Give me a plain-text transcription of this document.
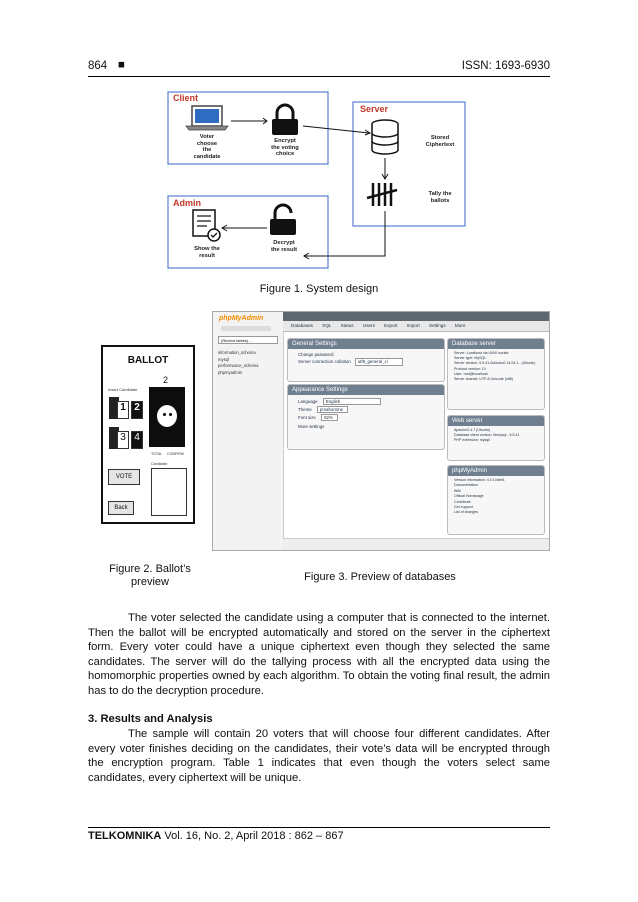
864 ■	ISSN: 1693-6930
Client
Server
Admin
Voter
choose
the
candidate
Encrypt
the voting
choice
Stored
Ciphertext
Tally the
ballots
Show the
result
Decrypt
the result
Figure 1. System design
BALLOT
2
Insert Candidate
1 2
3 4
TOTAL CONFIRM
Candidate
VOTE
Back
Figure 2. Ballot’s
preview
phpMyAdmin
(Recent tables) ...
information_schema
mysql
performance_schema
phpmyadmin
Databases SQL Status Users Export Import Settings More
General Settings
Change password
Server connection collation	utf8_general_ci
Appearance Settings
Language English
Theme pmahomme
Font size 82%
More settings
Database server
Server: Localhost via UNIX socket
Server type: MySQL
Server version: 5.5.41-0ubuntu0.14.04.1 - (Ubuntu)
Protocol version: 10
User: root@localhost
Server charset: UTF-8 Unicode (utf8)
Web server
Apache/2.4.7 (Ubuntu)
Database client version: libmysql - 5.5.41
PHP extension: mysqli
phpMyAdmin
Version information: 4.0.10deb1
Documentation
Wiki
Official Homepage
Contribute
Get support
List of changes
Figure 3. Preview of databases
The voter selected the candidate using a computer that is connected to the internet. Then the ballot will be encrypted automatically and stored on the server in the ciphertext form. Every voter could have a unique ciphertext even though they selected the same candidates. The server will do the tallying process with all the encrypted data using the homomorphic properties owned by each algorithm. To obtain the voting final result, the admin has to do the decryption procedure.
3. Results and Analysis
The sample will contain 20 voters that will choose four different candidates. After every voter finishes deciding on the candidates, their vote’s data will be encrypted through the encryption program. Table 1 indicates that even though the voters select same candidates, every ciphertext will be unique.
TELKOMNIKA Vol. 16, No. 2, April 2018 : 862 – 867
